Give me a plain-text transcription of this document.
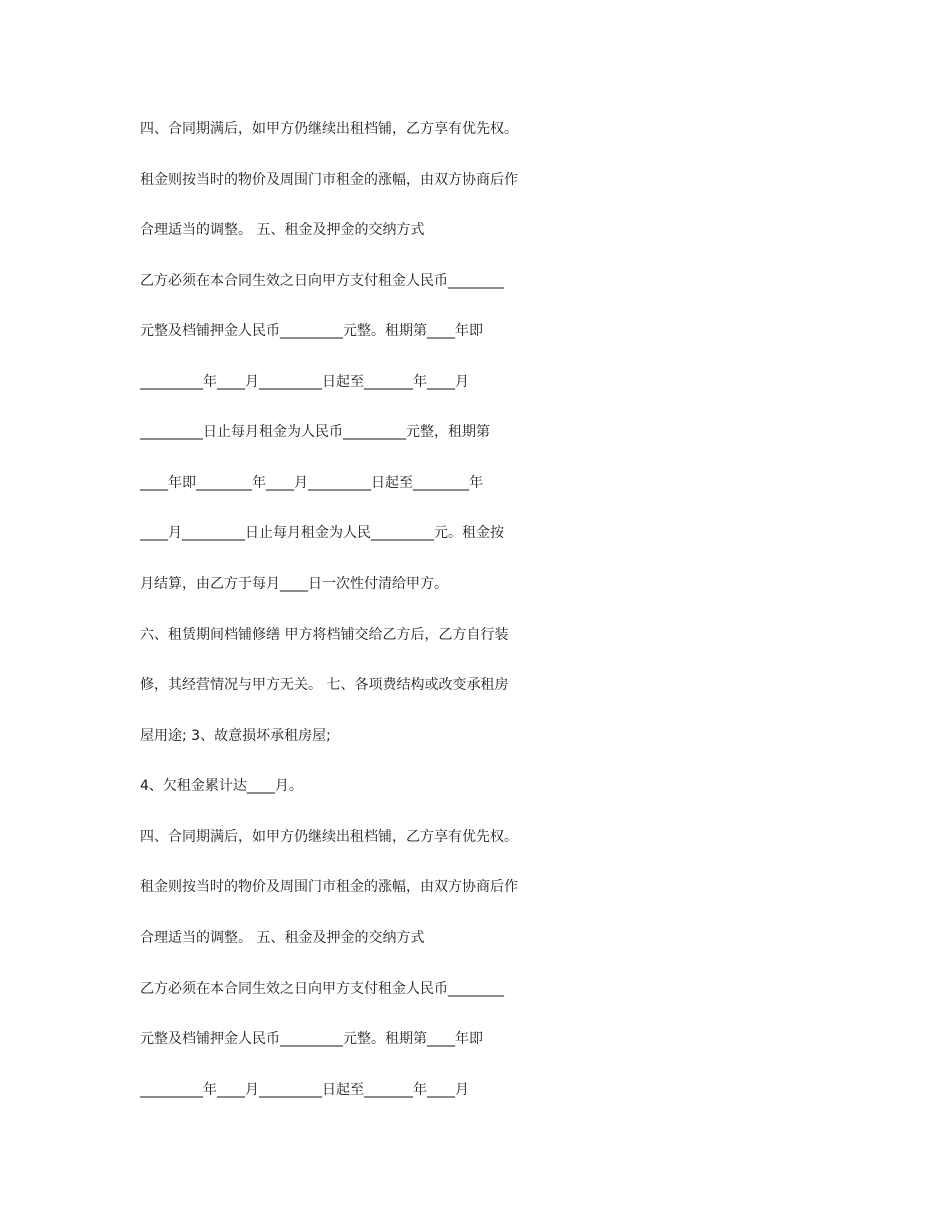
四、合同期满后，如甲方仍继续出租档铺，乙方享有优先权。
租金则按当时的物价及周围门市租金的涨幅，由双方协商后作
合理适当的调整。 五、租金及押金的交纳方式
乙方必须在本合同生效之日向甲方支付租金人民币________
元整及档铺押金人民币_________元整。租期第____年即
_________年____月_________日起至_______年____月
_________日止每月租金为人民币_________元整，租期第
____年即________年____月_________日起至________年
____月_________日止每月租金为人民_________元。租金按
月结算，由乙方于每月____日一次性付清给甲方。
六、租赁期间档铺修缮 甲方将档铺交给乙方后，乙方自行装
修，其经营情况与甲方无关。 七、各项费结构或改变承租房
屋用途; 3、故意损坏承租房屋;
4、欠租金累计达____月。
四、合同期满后，如甲方仍继续出租档铺，乙方享有优先权。
租金则按当时的物价及周围门市租金的涨幅，由双方协商后作
合理适当的调整。 五、租金及押金的交纳方式
乙方必须在本合同生效之日向甲方支付租金人民币________
元整及档铺押金人民币_________元整。租期第____年即
_________年____月_________日起至_______年____月
